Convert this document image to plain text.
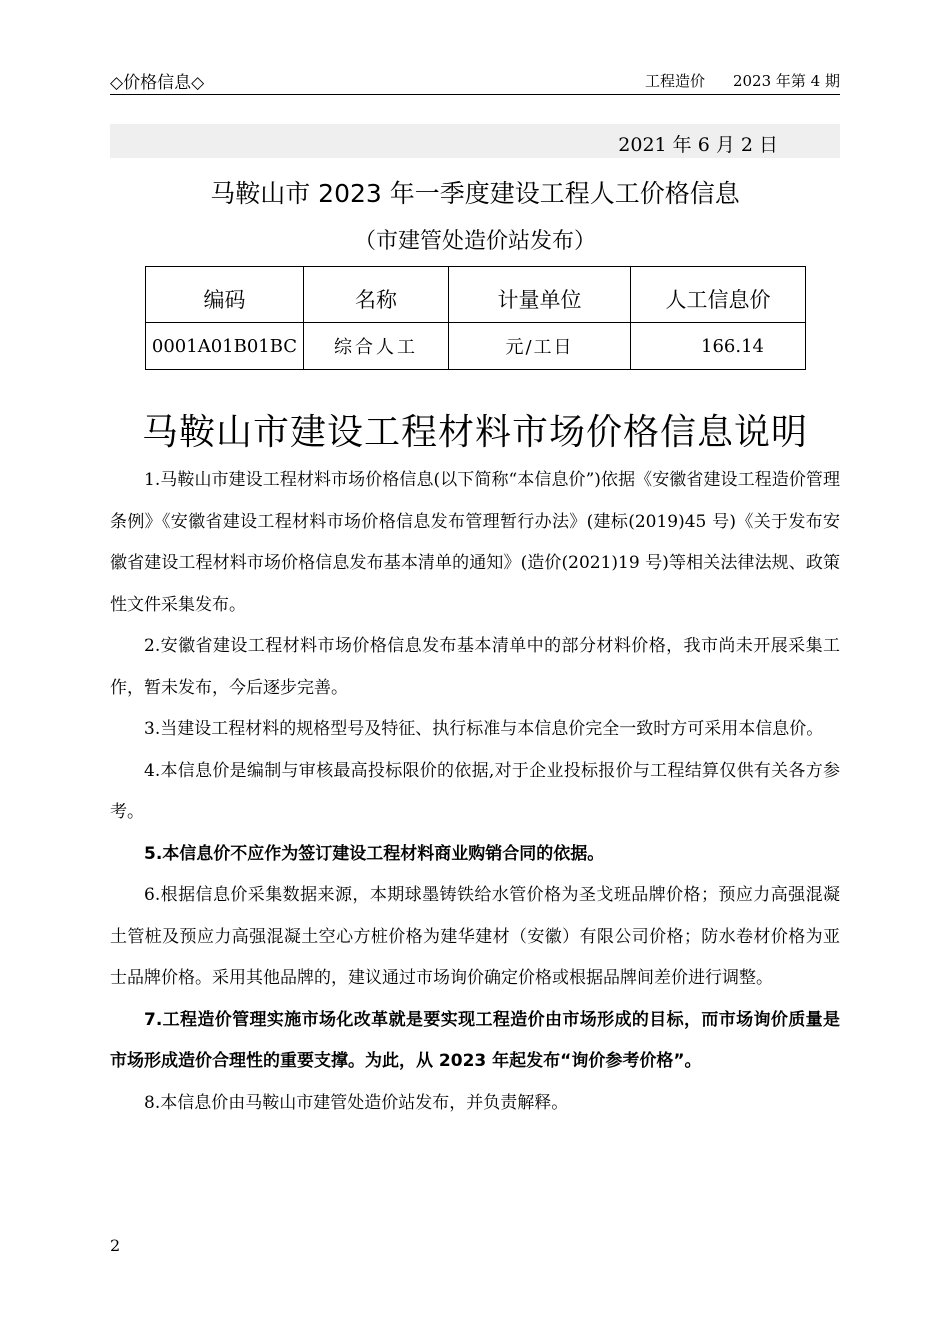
◇价格信息◇	工程造价 2023 年第 4 期
2021 年 6 月 2 日
马鞍山市 2023 年一季度建设工程人工价格信息
（市建管处造价站发布）
编码	名称	计量单位	人工信息价
0001A01B01BC	综合人工	元/工日	166.14
马鞍山市建设工程材料市场价格信息说明

1.马鞍山市建设工程材料市场价格信息(以下简称“本信息价”)依据《安徽省建设工程造价管理条例》《安徽省建设工程材料市场价格信息发布管理暂行办法》(建标(2019)45 号)《关于发布安徽省建设工程材料市场价格信息发布基本清单的通知》(造价(2021)19 号)等相关法律法规、政策性文件采集发布。

2.安徽省建设工程材料市场价格信息发布基本清单中的部分材料价格，我市尚未开展采集工作，暂未发布，今后逐步完善。

3.当建设工程材料的规格型号及特征、执行标准与本信息价完全一致时方可采用本信息价。

4.本信息价是编制与审核最高投标限价的依据,对于企业投标报价与工程结算仅供有关各方参考。

5.本信息价不应作为签订建设工程材料商业购销合同的依据。

6.根据信息价采集数据来源，本期球墨铸铁给水管价格为圣戈班品牌价格；预应力高强混凝土管桩及预应力高强混凝土空心方桩价格为建华建材（安徽）有限公司价格；防水卷材价格为亚士品牌价格。采用其他品牌的，建议通过市场询价确定价格或根据品牌间差价进行调整。

7.工程造价管理实施市场化改革就是要实现工程造价由市场形成的目标，而市场询价质量是市场形成造价合理性的重要支撑。为此，从 2023 年起发布“询价参考价格”。

8.本信息价由马鞍山市建管处造价站发布，并负责解释。

2
